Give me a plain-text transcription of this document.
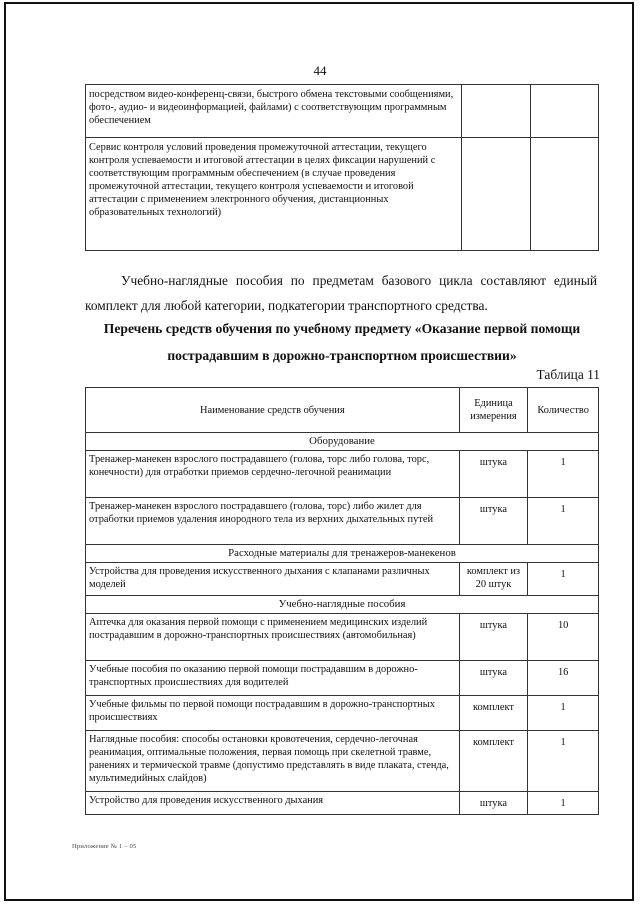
44
посредством видео-конференц-связи, быстрого обмена текстовыми сообщениями, фото-, аудио- и видеоинформацией, файлами) с соответствующим программным обеспечением		
Сервис контроля условий проведения промежуточной аттестации, текущего контроля успеваемости и итоговой аттестации в целях фиксации нарушений с соответствующим программным обеспечением (в случае проведения промежуточной аттестации, текущего контроля успеваемости и итоговой аттестации с применением электронного обучения, дистанционных образовательных технологий)		
Учебно-наглядные пособия по предметам базового цикла составляют единый комплект для любой категории, подкатегории транспортного средства.
Перечень средств обучения по учебному предмету «Оказание первой помощи пострадавшим в дорожно-транспортном происшествии»
Таблица 11
Наименование средств обучения	Единица измерения	Количество
Оборудование		
Тренажер-манекен взрослого пострадавшего (голова, торс либо голова, торс, конечности) для отработки приемов сердечно-легочной реанимации	штука	1
Тренажер-манекен взрослого пострадавшего (голова, торс) либо жилет для отработки приемов удаления инородного тела из верхних дыхательных путей	штука	1
Расходные материалы для тренажеров-манекенов		
Устройства для проведения искусственного дыхания с клапанами различных моделей	комплект из 20 штук	1
Учебно-наглядные пособия		
Аптечка для оказания первой помощи с применением медицинских изделий пострадавшим в дорожно-транспортных происшествиях (автомобильная)	штука	10
Учебные пособия по оказанию первой помощи пострадавшим в дорожно-транспортных происшествиях для водителей	штука	16
Учебные фильмы по первой помощи пострадавшим в дорожно-транспортных происшествиях	комплект	1
Наглядные пособия: способы остановки кровотечения, сердечно-легочная реанимация, оптимальные положения, первая помощь при скелетной травме, ранениях и термической травме (допустимо представлять в виде плаката, стенда, мультимедийных слайдов)	комплект	1
Устройство для проведения искусственного дыхания	штука	1
Приложение № 1 – 05
